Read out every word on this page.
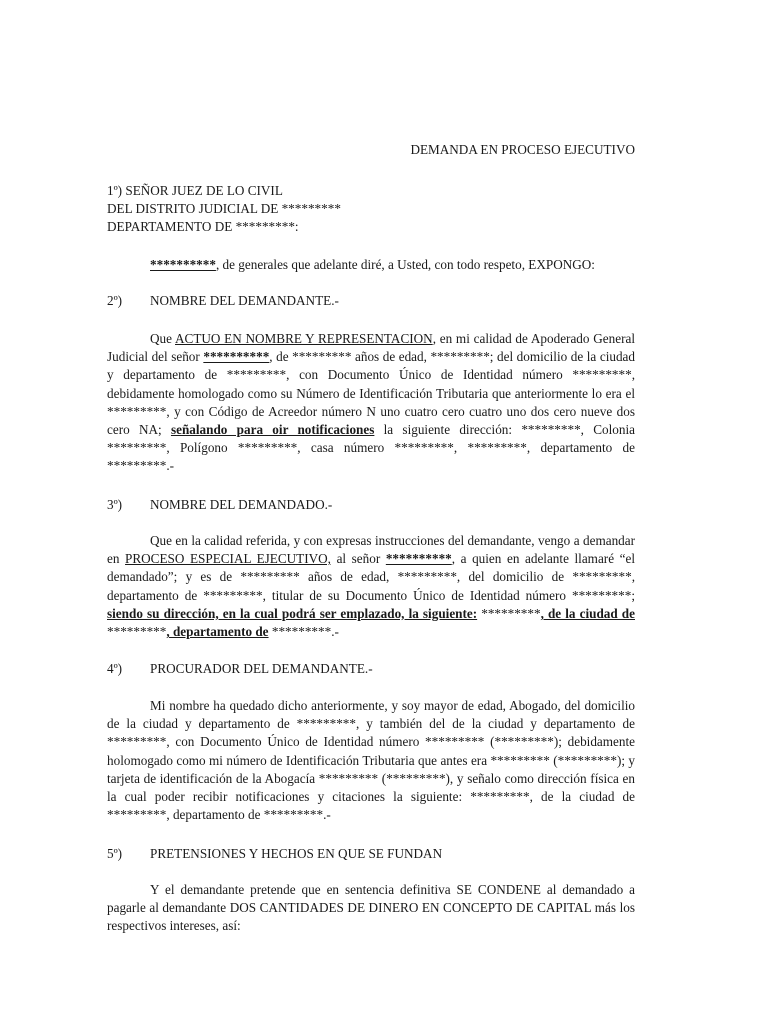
DEMANDA EN PROCESO EJECUTIVO

1º) SEÑOR JUEZ DE LO CIVIL
DEL DISTRITO JUDICIAL DE *********
DEPARTAMENTO DE *********:

**********, de generales que adelante diré, a Usted, con todo respeto, EXPONGO:

2º)	NOMBRE DEL DEMANDANTE.-

Que ACTUO EN NOMBRE Y REPRESENTACION, en mi calidad de Apoderado General Judicial del señor **********, de ********* años de edad, *********; del domicilio de la ciudad y departamento de *********, con Documento Único de Identidad número *********, debidamente homologado como su Número de Identificación Tributaria que anteriormente lo era el *********, y con Código de Acreedor número N uno cuatro cero cuatro uno dos cero nueve dos cero NA; señalando para oir notificaciones la siguiente dirección: *********, Colonia *********, Polígono *********, casa número *********, *********, departamento de *********.-

3º)	NOMBRE DEL DEMANDADO.-

Que en la calidad referida, y con expresas instrucciones del demandante, vengo a demandar en PROCESO ESPECIAL EJECUTIVO, al señor **********, a quien en adelante llamaré “el demandado”; y es de ********* años de edad, *********, del domicilio de *********, departamento de *********, titular de su Documento Único de Identidad número *********; siendo su dirección, en la cual podrá ser emplazado, la siguiente: *********, de la ciudad de *********, departamento de *********.-

4º)	PROCURADOR DEL DEMANDANTE.-

Mi nombre ha quedado dicho anteriormente, y soy mayor de edad, Abogado, del domicilio de la ciudad y departamento de *********, y también del de la ciudad y departamento de *********, con Documento Único de Identidad número ********* (*********); debidamente holomogado como mi número de Identificación Tributaria que antes era ********* (*********); y tarjeta de identificación de la Abogacía ********* (*********), y señalo como dirección física en la cual poder recibir notificaciones y citaciones la siguiente: *********, de la ciudad de *********, departamento de *********.-

5º)	PRETENSIONES Y HECHOS EN QUE SE FUNDAN

Y el demandante pretende que en sentencia definitiva SE CONDENE al demandado a pagarle al demandante DOS CANTIDADES DE DINERO EN CONCEPTO DE CAPITAL más los respectivos intereses, así:
